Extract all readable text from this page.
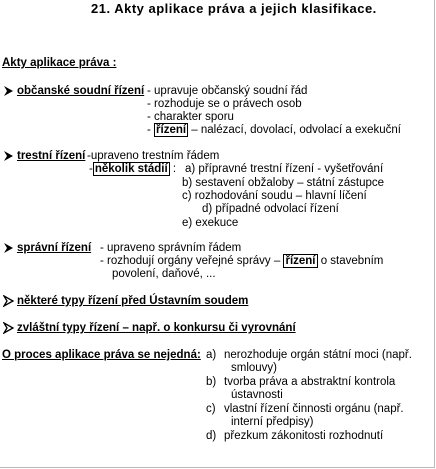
21. Akty aplikace práva a jejich klasifikace.
Akty aplikace práva :
občanské soudní řízení - upravuje občanský soudní řád
- rozhoduje se o právech osob
- charakter sporu
- řízení – nalézací, dovolací, odvolací a exekuční
trestní řízení -upraveno trestním řádem
- několik stádií : a) přípravné trestní řízení - vyšetřování
b) sestavení obžaloby – státní zástupce
c) rozhodování soudu – hlavní líčení
d) případné odvolací řízení
e) exekuce
správní řízení - upraveno správním řádem
- rozhodují orgány veřejné správy – řízení o stavebním
povolení, daňové, ...
některé typy řízení před Ústavním soudem
zvláštní typy řízení – např. o konkursu či vyrovnání
O proces aplikace práva se nejedná: a) nerozhoduje orgán státní moci (např.
smlouvy)
b) tvorba práva a abstraktní kontrola
ústavnosti
c) vlastní řízení činnosti orgánu (např.
interní předpisy)
d) přezkum zákonitosti rozhodnutí
